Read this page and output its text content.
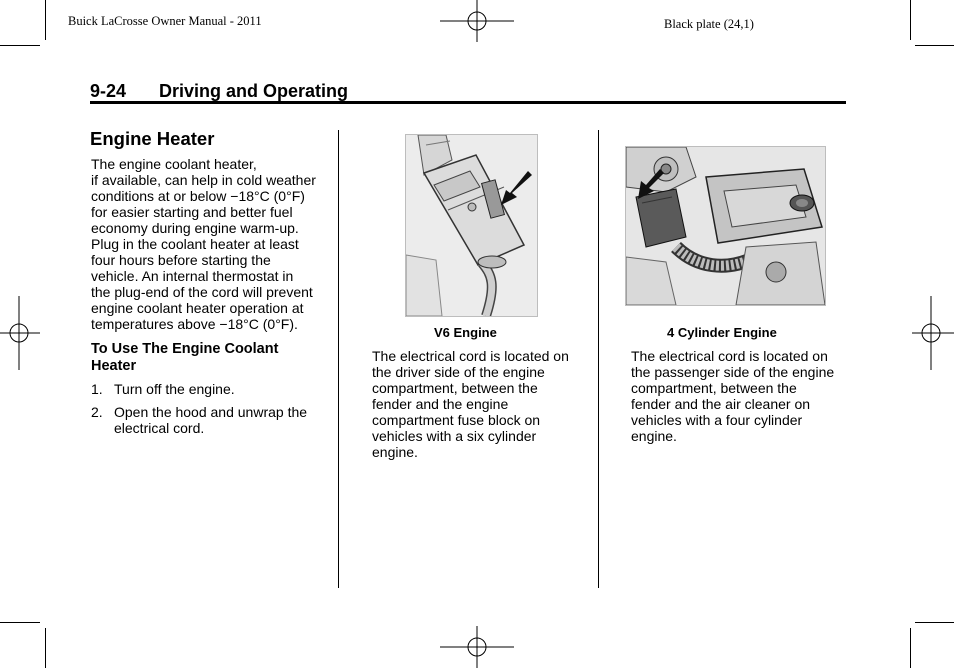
Buick LaCrosse Owner Manual - 2011	Black plate (24,1)
9-24 Driving and Operating
Engine Heater
The engine coolant heater,
if available, can help in cold weather
conditions at or below −18°C (0°F)
for easier starting and better fuel
economy during engine warm-up.
Plug in the coolant heater at least
four hours before starting the
vehicle. An internal thermostat in
the plug-end of the cord will prevent
engine coolant heater operation at
temperatures above −18°C (0°F).
To Use The Engine Coolant
Heater
1. Turn off the engine.
2. Open the hood and unwrap the
electrical cord.
V6 Engine
The electrical cord is located on
the driver side of the engine
compartment, between the
fender and the engine
compartment fuse block on
vehicles with a six cylinder
engine.
4 Cylinder Engine
The electrical cord is located on
the passenger side of the engine
compartment, between the
fender and the air cleaner on
vehicles with a four cylinder
engine.
